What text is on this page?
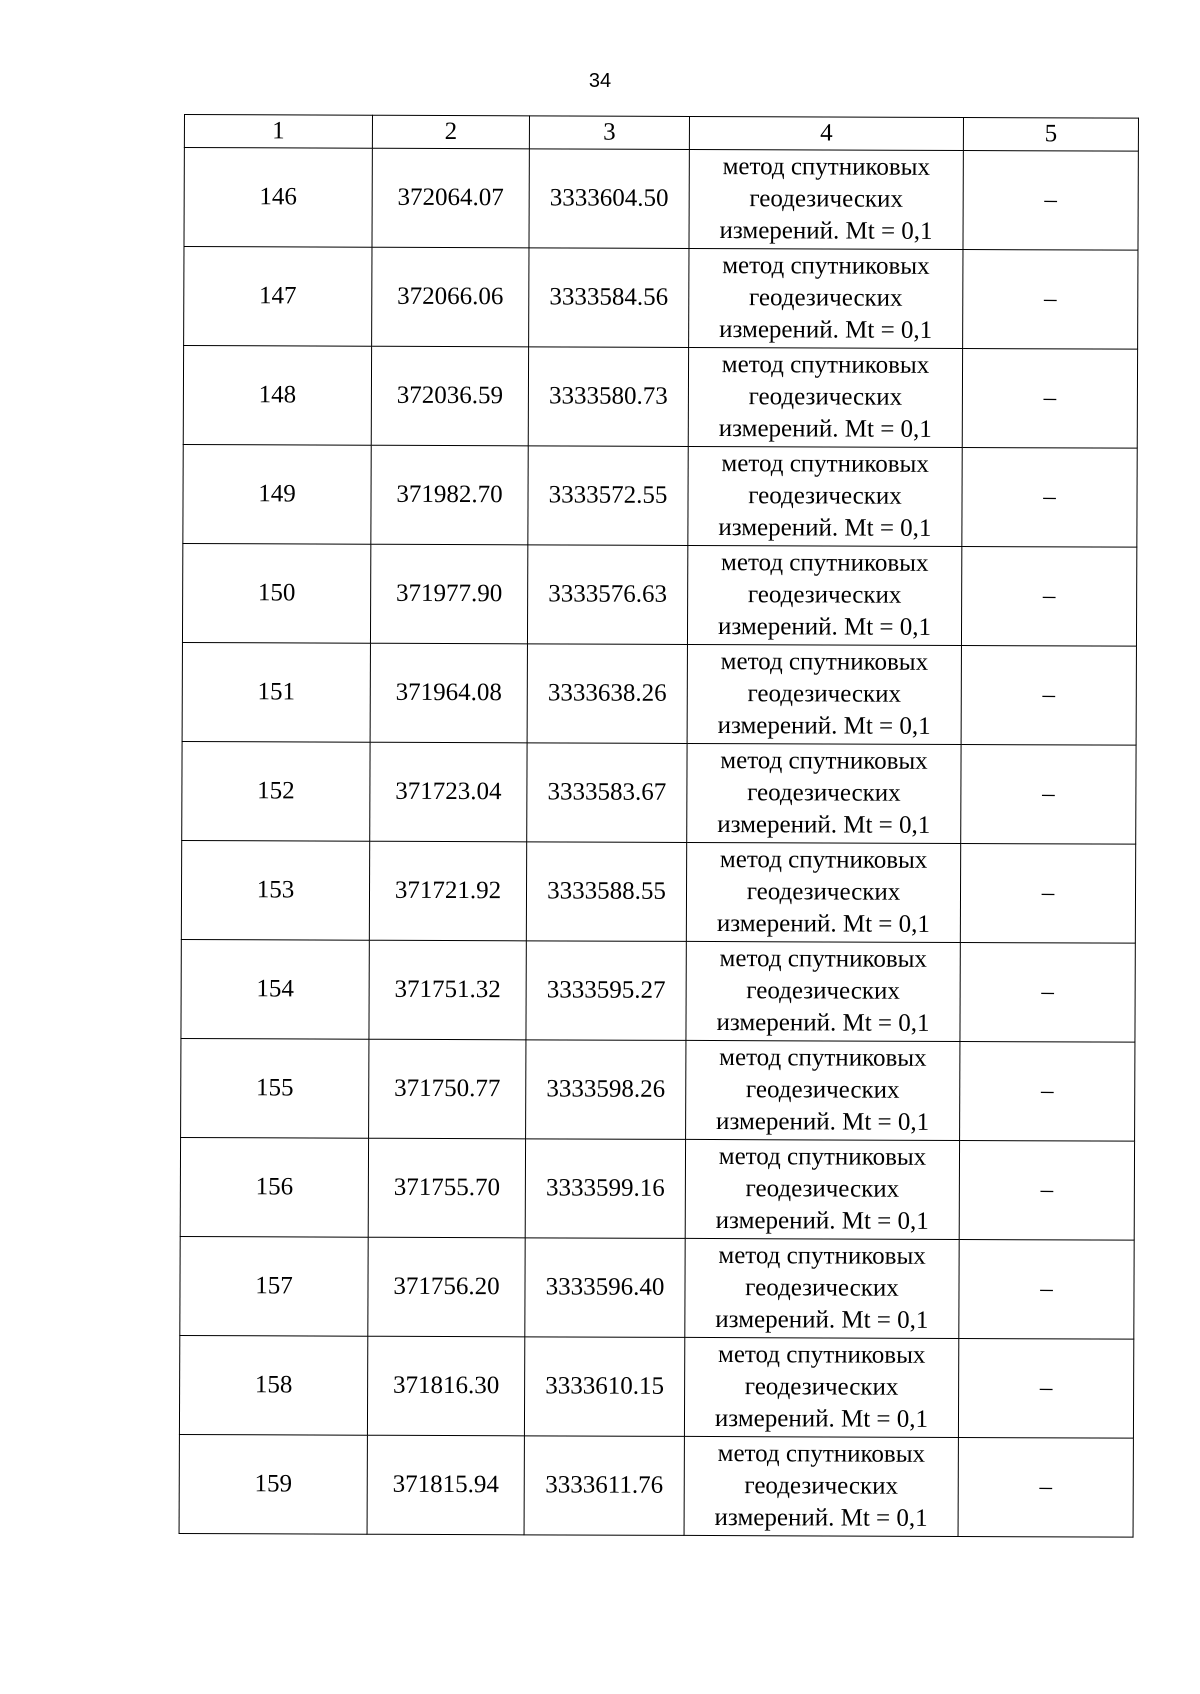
34
1	2	3	4	5
146	372064.07	3333604.50	метод спутниковых
геодезических
измерений. Mt = 0,1	–
147	372066.06	3333584.56	метод спутниковых
геодезических
измерений. Mt = 0,1	–
148	372036.59	3333580.73	метод спутниковых
геодезических
измерений. Mt = 0,1	–
149	371982.70	3333572.55	метод спутниковых
геодезических
измерений. Mt = 0,1	–
150	371977.90	3333576.63	метод спутниковых
геодезических
измерений. Mt = 0,1	–
151	371964.08	3333638.26	метод спутниковых
геодезических
измерений. Mt = 0,1	–
152	371723.04	3333583.67	метод спутниковых
геодезических
измерений. Mt = 0,1	–
153	371721.92	3333588.55	метод спутниковых
геодезических
измерений. Mt = 0,1	–
154	371751.32	3333595.27	метод спутниковых
геодезических
измерений. Mt = 0,1	–
155	371750.77	3333598.26	метод спутниковых
геодезических
измерений. Mt = 0,1	–
156	371755.70	3333599.16	метод спутниковых
геодезических
измерений. Mt = 0,1	–
157	371756.20	3333596.40	метод спутниковых
геодезических
измерений. Mt = 0,1	–
158	371816.30	3333610.15	метод спутниковых
геодезических
измерений. Mt = 0,1	–
159	371815.94	3333611.76	метод спутниковых
геодезических
измерений. Mt = 0,1	–
